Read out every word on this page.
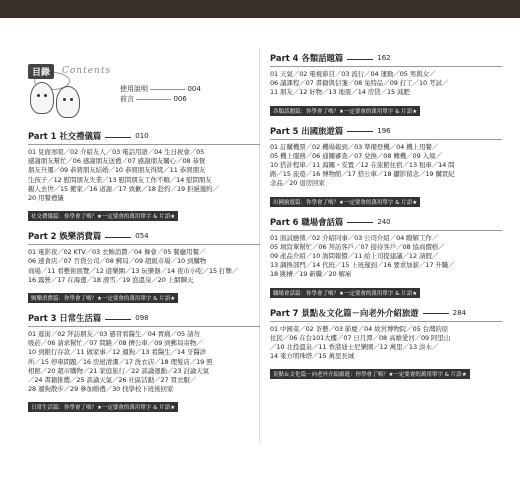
目錄	Contents
使用說明 ――――― 004
前言 ――――― 006
Part 1 社交禮儀篇	010
01 見面寒暄／02 介紹友人／03 電話用語／04 生日祝會／05
感謝朋友幫忙／06 感謝朋友送禮／07 感謝朋友關心／08 恭賀
朋友升遷／09 恭賀朋友結婚／10 恭賀朋友得獎／11 恭賀朋友
生孩子／12 慰問朋友失業／13 慰問朋友工作不順／14 慰問朋友
親人去世／15 搬家／16 道謝／17 致歉／18 赴約／19 拒絕邀約／
20 用餐禮儀
社交禮儀篇：你學會了嗎？★一定要會的萬用單字 & 片語★
Part 2 娛樂消費篇	054
01 電影夜／02 KTV／03 衣飾消費／04 舞會／05 餐廳用餐／
06 速食店／07 百貨公司／08 郵局／09 超級市場／10 到購物
商場／11 看藝術展覽／12 遊樂園／13 玩樂器／14 夜市小吃／15 打牌／
16 露營／17 在海邊／18 滑雪／19 泡溫泉／20 上網聊天
娛樂消費篇：你學會了嗎？★一定要會的萬用單字 & 片語★
Part 3 日常生活篇	098
01 逛街／02 拜訪朋友／03 感冒看醫生／04 胃痛／05 請勿
吸菸／06 請求幫忙／07 問路／08 擠公車／09 到郵局寄物／
10 到銀行存款／11 做家事／12 遛狗／13 看醫生／14 牙醫診
所／15 停車問題／16 房屋清潔／17 洗衣店／18 理髮店／19 照
相館／20 超市購物／21 家庭旅行／22 談論運動／23 討論天氣
／24 書籍推薦／25 談論天氣／26 社區活動／27 買衣服／
28 遛狗散步／29 參加婚禮／30 找學校下班後回家
日常生活篇：你學會了嗎？★一定要會的萬用單字 & 片語★
Part 4 各類話題篇	162
01 天氣／02 電視節目／03 流行／04 運動／05 男與女／
06 讀課程／07 書籍與信箋／08 兔特品／09 打工／10 考試／
11 朋友／12 好物／13 地震／14 房貸／15 減肥
各類話題篇：你學會了嗎？★一定要會的萬用單字 & 片語★
Part 5 出國旅遊篇	196
01 訂購機票／02 機場報到／03 準備登機／04 機上用餐／
05 機上服務／06 通關審查／07 兌換／08 轉機／09 入境／
10 搭計程車／11 海關・安置／12 在旅館住宿／13 租車／14 問
路／15 旅遊／16 博物館／17 搭公車／18 攝影留念／19 購買紀
念品／20 退房回家
出國旅遊篇：你學會了嗎？★一定要會的萬用單字 & 片語★
Part 6 職場會話篇	240
01 面試應徵／02 介紹同事／03 公司介紹／04 瞭解工作／
05 填寫單幫忙／06 拜訪客戶／07 接待客戶／08 協商價格／
09 產品介紹／10 詢問報價／11 給上司提建議／12 請假／
13 調換部門／14 代班／15 上班遲到／16 要求加薪／17 升職／
18 跳槽／19 新職／20 解雇
職場會話篇：你學會了嗎？★一定要會的萬用單字 & 片語★
Part 7 景點＆文化篇－向老外介紹旅遊	284
01 中國菜／02 茶藝／03 節慶／04 故宮博物院／05 台灣的原
住民／06 在台101大樓／07 日月潭／08 高雄愛河／09 阿里山
／10 北投溫泉／11 香港迪士尼樂園／12 萬里／13 淡水／
14 東方明珠塔／15 萬里長城
景點＆文化篇－向老外介紹旅遊：你學會了嗎？★一定要會的萬用單字 & 片語★
